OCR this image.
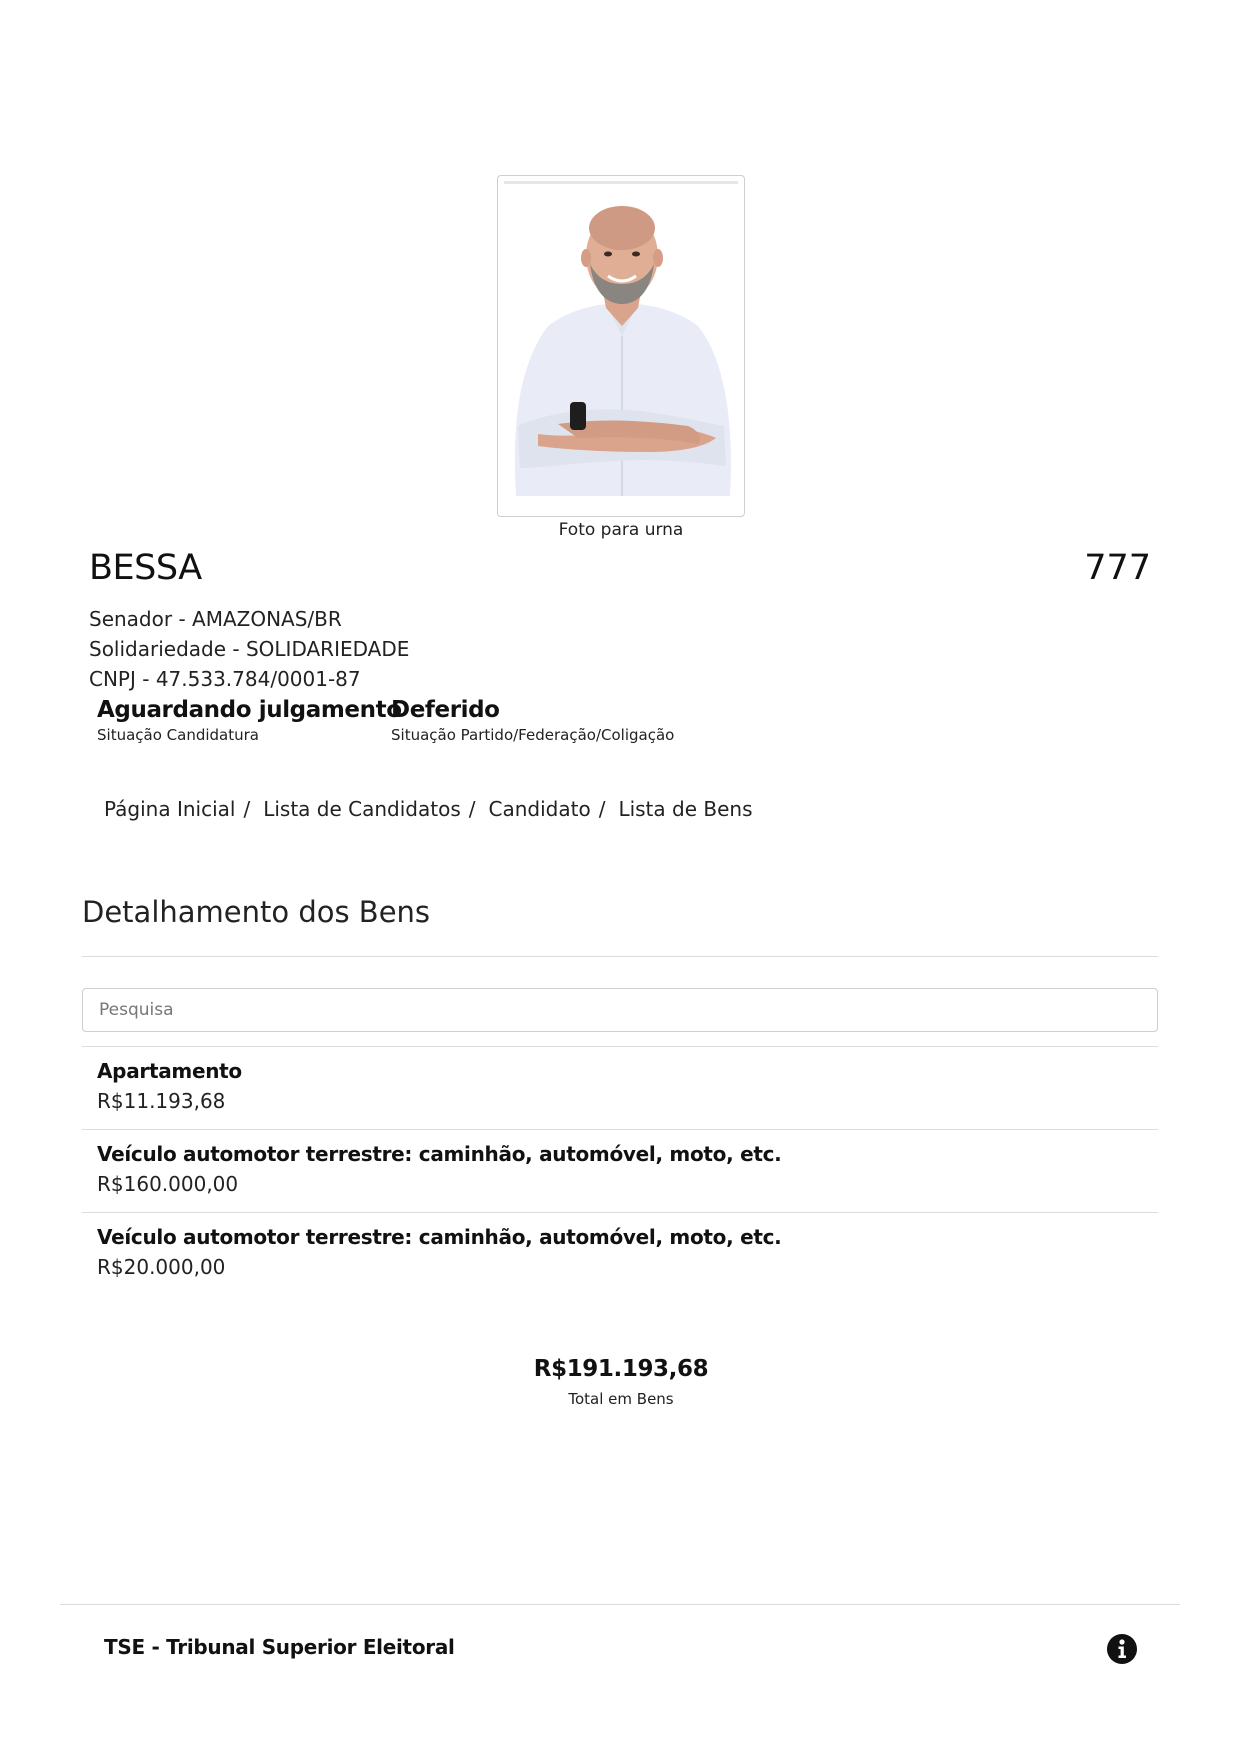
Foto para urna
BESSA	777
Senador - AMAZONAS/BR
Solidariedade - SOLIDARIEDADE
CNPJ - 47.533.784/0001-87
Aguardando julgamento
Situação Candidatura
Deferido
Situação Partido/Federação/Coligação
Página Inicial / Lista de Candidatos / Candidato / Lista de Bens
Detalhamento dos Bens
Pesquisa
Apartamento
R$11.193,68
Veículo automotor terrestre: caminhão, automóvel, moto, etc.
R$160.000,00
Veículo automotor terrestre: caminhão, automóvel, moto, etc.
R$20.000,00
R$191.193,68
Total em Bens
TSE - Tribunal Superior Eleitoral
